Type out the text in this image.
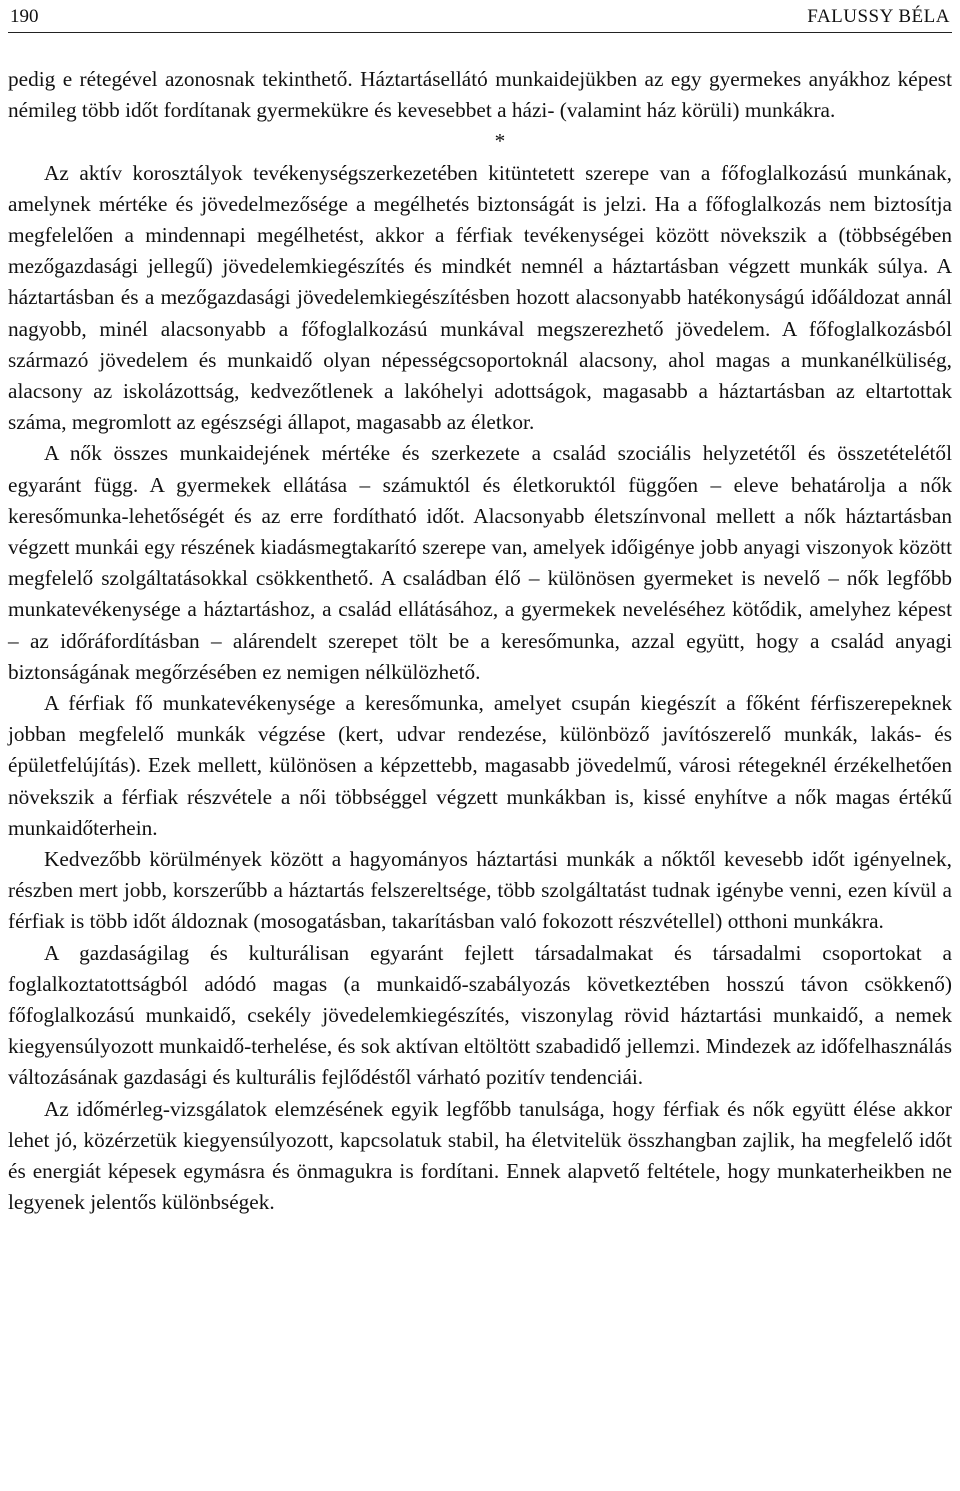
190	FALUSSY BÉLA

pedig e rétegével azonosnak tekinthető. Háztartásellátó munkaidejükben az egy gyermekes anyákhoz képest némileg több időt fordítanak gyermekükre és kevesebbet a házi- (valamint ház körüli) munkákra.

*

Az aktív korosztályok tevékenységszerkezetében kitüntetett szerepe van a főfoglalkozású munkának, amelynek mértéke és jövedelmezősége a megélhetés biztonságát is jelzi. Ha a főfoglalkozás nem biztosítja megfelelően a mindennapi megélhetést, akkor a férfiak tevékenységei között növekszik a (többségében mezőgazdasági jellegű) jövedelemkiegészítés és mindkét nemnél a háztartásban végzett munkák súlya. A háztartásban és a mezőgazdasági jövedelemkiegészítésben hozott alacsonyabb hatékonyságú időáldozat annál nagyobb, minél alacsonyabb a főfoglalkozású munkával megszerezhető jövedelem. A főfoglalkozásból származó jövedelem és munkaidő olyan népességcsoportoknál alacsony, ahol magas a munkanélküliség, alacsony az iskolázottság, kedvezőtlenek a lakóhelyi adottságok, magasabb a háztartásban az eltartottak száma, megromlott az egészségi állapot, magasabb az életkor.

A nők összes munkaidejének mértéke és szerkezete a család szociális helyzetétől és összetételétől egyaránt függ. A gyermekek ellátása – számuktól és életkoruktól függően – eleve behatárolja a nők keresőmunka-lehetőségét és az erre fordítható időt. Alacsonyabb életszínvonal mellett a nők háztartásban végzett munkái egy részének kiadásmegtakarító szerepe van, amelyek időigénye jobb anyagi viszonyok között megfelelő szolgáltatásokkal csökkenthető. A családban élő – különösen gyermeket is nevelő – nők legfőbb munkatevékenysége a háztartáshoz, a család ellátásához, a gyermekek neveléséhez kötődik, amelyhez képest – az időráfordításban – alárendelt szerepet tölt be a keresőmunka, azzal együtt, hogy a család anyagi biztonságának megőrzésében ez nemigen nélkülözhető.

A férfiak fő munkatevékenysége a keresőmunka, amelyet csupán kiegészít a főként férfiszerepeknek jobban megfelelő munkák végzése (kert, udvar rendezése, különböző javítószerelő munkák, lakás- és épületfelújítás). Ezek mellett, különösen a képzettebb, magasabb jövedelmű, városi rétegeknél érzékelhetően növekszik a férfiak részvétele a női többséggel végzett munkákban is, kissé enyhítve a nők magas értékű munkaidőterhein.

Kedvezőbb körülmények között a hagyományos háztartási munkák a nőktől kevesebb időt igényelnek, részben mert jobb, korszerűbb a háztartás felszereltsége, több szolgáltatást tudnak igénybe venni, ezen kívül a férfiak is több időt áldoznak (mosogatásban, takarításban való fokozott részvétellel) otthoni munkákra.

A gazdaságilag és kulturálisan egyaránt fejlett társadalmakat és társadalmi csoportokat a foglalkoztatottságból adódó magas (a munkaidő-szabályozás következtében hosszú távon csökkenő) főfoglalkozású munkaidő, csekély jövedelemkiegészítés, viszonylag rövid háztartási munkaidő, a nemek kiegyensúlyozott munkaidő-terhelése, és sok aktívan eltöltött szabadidő jellemzi. Mindezek az időfelhasználás változásának gazdasági és kulturális fejlődéstől várható pozitív tendenciái.

Az időmérleg-vizsgálatok elemzésének egyik legfőbb tanulsága, hogy férfiak és nők együtt élése akkor lehet jó, közérzetük kiegyensúlyozott, kapcsolatuk stabil, ha életvitelük összhangban zajlik, ha megfelelő időt és energiát képesek egymásra és önmagukra is fordítani. Ennek alapvető feltétele, hogy munkaterheikben ne legyenek jelentős különbségek.
